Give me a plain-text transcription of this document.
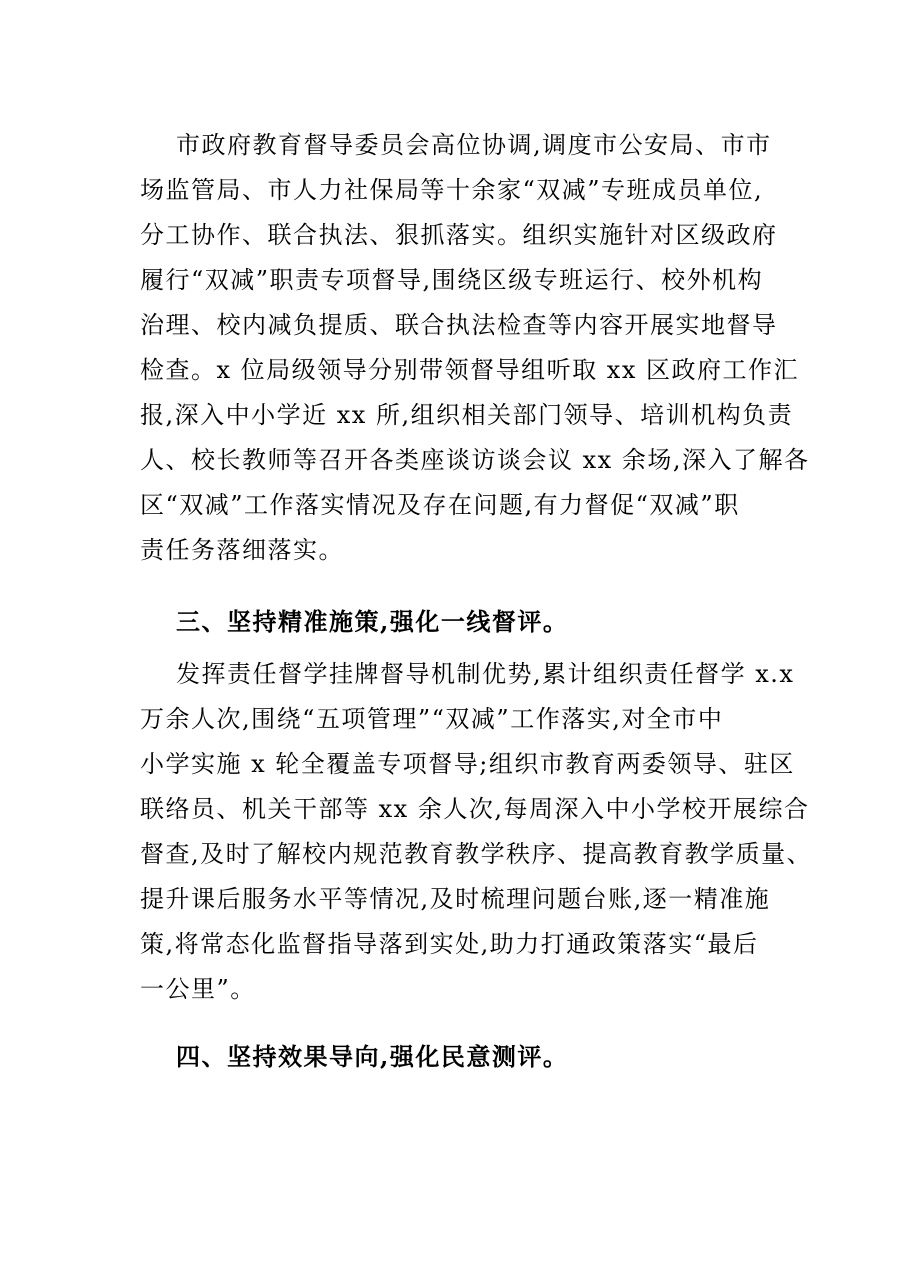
市政府教育督导委员会高位协调,调度市公安局、市市
场监管局、市人力社保局等十余家“双减”专班成员单位,
分工协作、联合执法、狠抓落实。组织实施针对区级政府
履行“双减”职责专项督导,围绕区级专班运行、校外机构
治理、校内减负提质、联合执法检查等内容开展实地督导
检查。x 位局级领导分别带领督导组听取 xx 区政府工作汇
报,深入中小学近 xx 所,组织相关部门领导、培训机构负责
人、校长教师等召开各类座谈访谈会议 xx 余场,深入了解各
区“双减”工作落实情况及存在问题,有力督促“双减”职
责任务落细落实。
三、坚持精准施策,强化一线督评。
发挥责任督学挂牌督导机制优势,累计组织责任督学 x.x
万余人次,围绕“五项管理”“双减”工作落实,对全市中
小学实施 x 轮全覆盖专项督导;组织市教育两委领导、驻区
联络员、机关干部等 xx 余人次,每周深入中小学校开展综合
督查,及时了解校内规范教育教学秩序、提高教育教学质量、
提升课后服务水平等情况,及时梳理问题台账,逐一精准施
策,将常态化监督指导落到实处,助力打通政策落实“最后
一公里”。
四、坚持效果导向,强化民意测评。
